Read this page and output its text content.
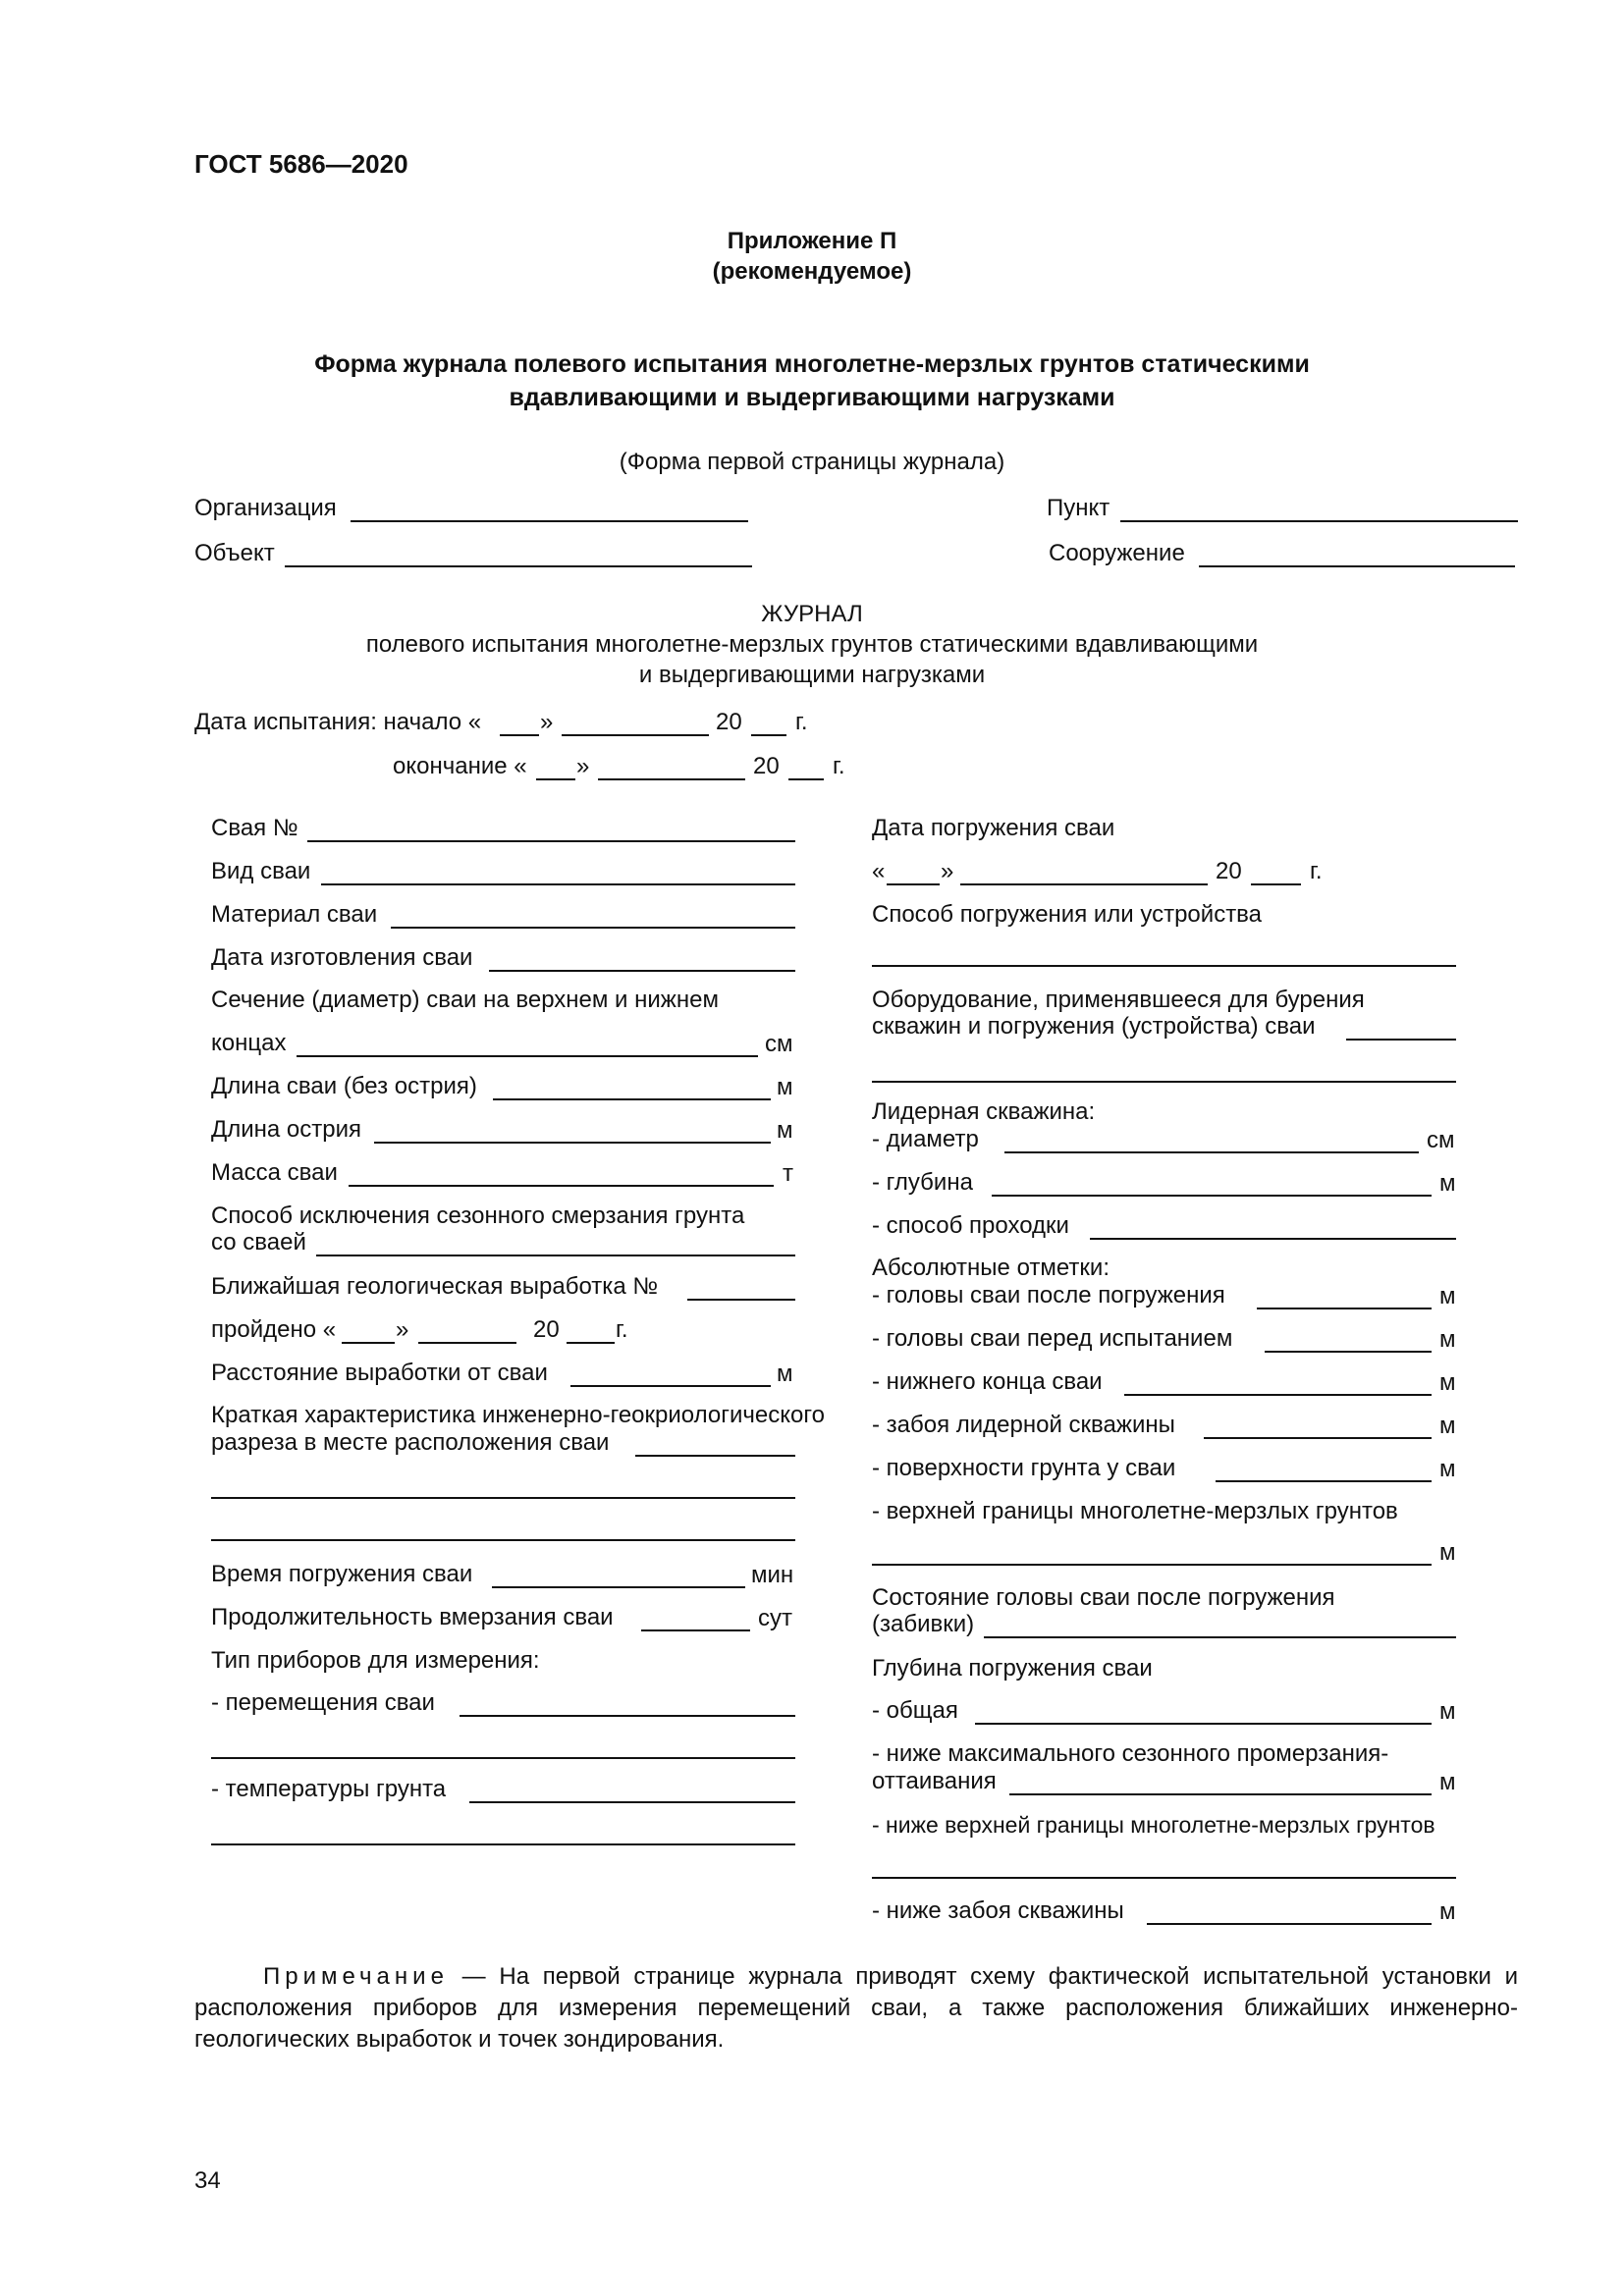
ГОСТ 5686—2020
Приложение П
(рекомендуемое)
Форма журнала полевого испытания многолетне-мерзлых грунтов статическими
вдавливающими и выдергивающими нагрузками
(Форма первой страницы журнала)
Организация	Пункт
Объект	Сооружение
ЖУРНАЛ
полевого испытания многолетне-мерзлых грунтов статическими вдавливающими
и выдергивающими нагрузками
Дата испытания: начало « »	20 г.
окончание « »	20 г.
Свая №
Вид сваи
Материал сваи
Дата изготовления сваи
Сечение (диаметр) сваи на верхнем и нижнем
концах	см
Длина сваи (без острия)	м
Длина острия	м
Масса сваи	т
Способ исключения сезонного смерзания грунта
со сваей
Ближайшая геологическая выработка №
пройдено «	»	20 г.
Расстояние выработки от сваи	м
Краткая характеристика инженерно-геокриологического
разреза в месте расположения сваи
Время погружения сваи	мин
Продолжительность вмерзания сваи	сут
Тип приборов для измерения:
- перемещения сваи
- температуры грунта
Дата погружения сваи
« »	20	г.
Способ погружения или устройства
Оборудование, применявшееся для бурения
скважин и погружения (устройства) сваи
Лидерная скважина:
- диаметр	см
- глубина	м
- способ проходки
Абсолютные отметки:
- головы сваи после погружения	м
- головы сваи перед испытанием	м
- нижнего конца сваи	м
- забоя лидерной скважины	м
- поверхности грунта у сваи	м
- верхней границы многолетне-мерзлых грунтов
м
Состояние головы сваи после погружения
(забивки)
Глубина погружения сваи
- общая	м
- ниже максимального сезонного промерзания-
оттаивания	м
- ниже верхней границы многолетне-мерзлых грунтов
- ниже забоя скважины	м
Примечание — На первой странице журнала приводят схему фактической испытательной установки и расположения приборов для измерения перемещений сваи, а также расположения ближайших инженерно-геологических выработок и точек зондирования.
34
